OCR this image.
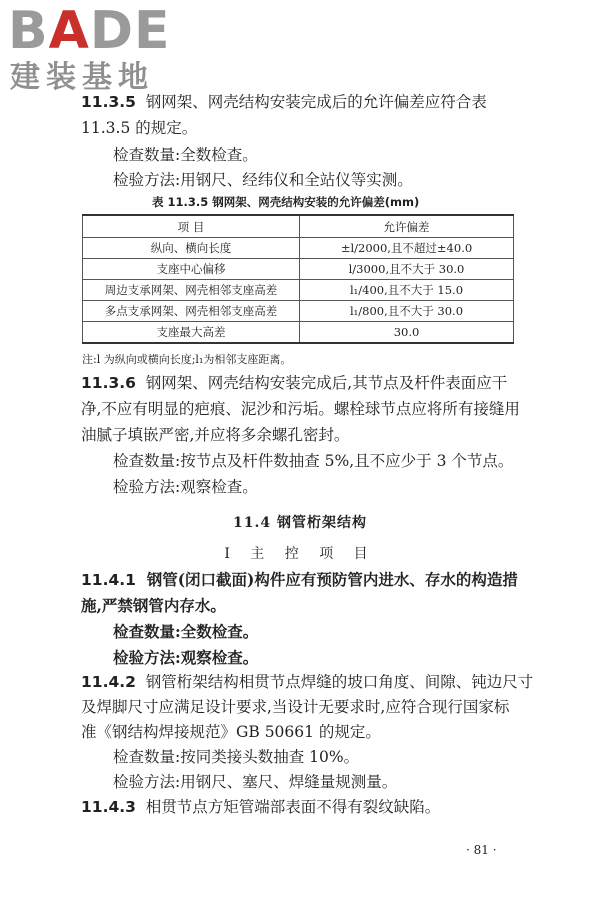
BADE
建装基地
11.3.5 钢网架、网壳结构安装完成后的允许偏差应符合表
11.3.5 的规定。
检查数量:全数检查。
检验方法:用钢尺、经纬仪和全站仪等实测。
表 11.3.5 钢网架、网壳结构安装的允许偏差(mm)
项 目	允许偏差
纵向、横向长度	±l/2000,且不超过±40.0
支座中心偏移	l/3000,且不大于 30.0
周边支承网架、网壳相邻支座高差	l₁/400,且不大于 15.0
多点支承网架、网壳相邻支座高差	l₁/800,且不大于 30.0
支座最大高差	30.0
注:l 为纵向或横向长度;l₁为相邻支座距离。
11.3.6 钢网架、网壳结构安装完成后,其节点及杆件表面应干
净,不应有明显的疤痕、泥沙和污垢。螺栓球节点应将所有接缝用
油腻子填嵌严密,并应将多余螺孔密封。
检查数量:按节点及杆件数抽查 5%,且不应少于 3 个节点。
检验方法:观察检查。
11.4 钢管桁架结构
Ⅰ 主 控 项 目
11.4.1 钢管(闭口截面)构件应有预防管内进水、存水的构造措
施,严禁钢管内存水。
检查数量:全数检查。
检验方法:观察检查。
11.4.2 钢管桁架结构相贯节点焊缝的坡口角度、间隙、钝边尺寸
及焊脚尺寸应满足设计要求,当设计无要求时,应符合现行国家标
准《钢结构焊接规范》GB 50661 的规定。
检查数量:按同类接头数抽查 10%。
检验方法:用钢尺、塞尺、焊缝量规测量。
11.4.3 相贯节点方矩管端部表面不得有裂纹缺陷。
· 81 ·
